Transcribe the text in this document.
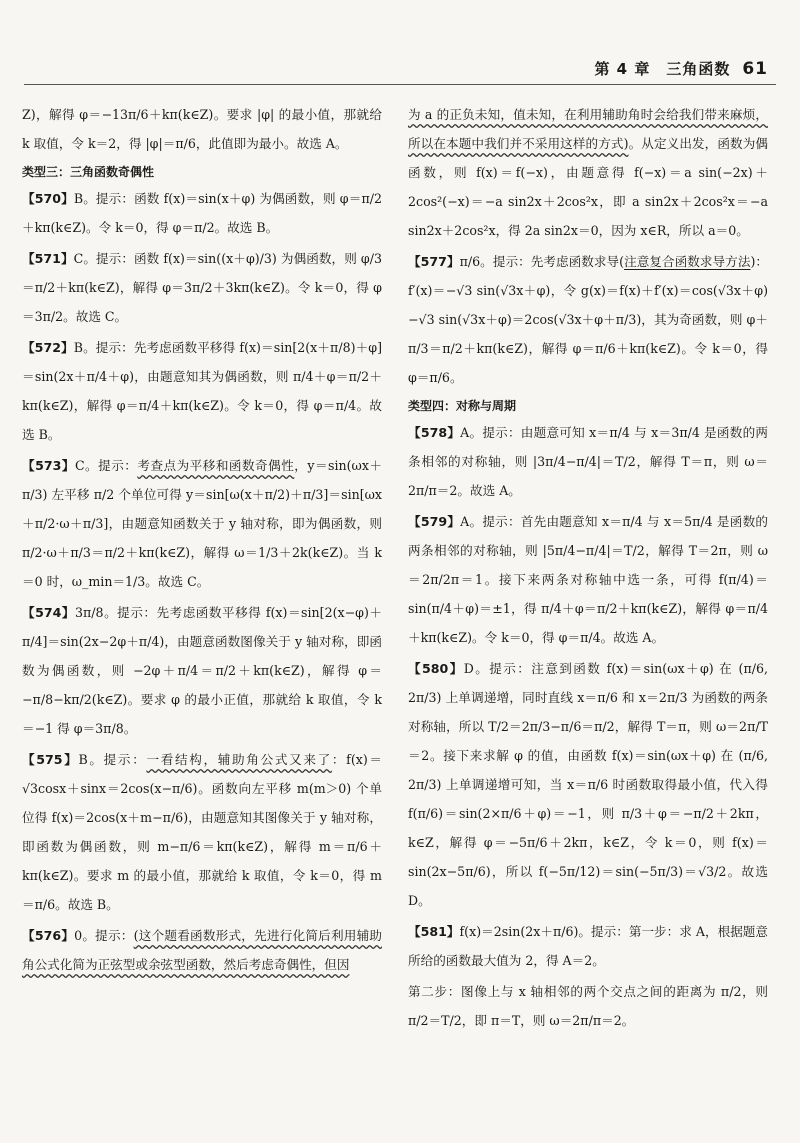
第 4 章　三角函数 61

Z)，解得 φ＝−13π/6＋kπ(k∈Z)。要求 |φ| 的最小值，那就给 k 取值，令 k＝2，得 |φ|＝π/6，此值即为最小。故选 A。

类型三：三角函数奇偶性

【570】B。提示：函数 f(x)＝sin(x＋φ) 为偶函数，则 φ＝π/2＋kπ(k∈Z)。令 k＝0，得 φ＝π/2。故选 B。

【571】C。提示：函数 f(x)＝sin((x＋φ)/3) 为偶函数，则 φ/3＝π/2＋kπ(k∈Z)，解得 φ＝3π/2＋3kπ(k∈Z)。令 k＝0，得 φ＝3π/2。故选 C。

【572】B。提示：先考虑函数平移得 f(x)＝sin[2(x＋π/8)＋φ]＝sin(2x＋π/4＋φ)，由题意知其为偶函数，则 π/4＋φ＝π/2＋kπ(k∈Z)，解得 φ＝π/4＋kπ(k∈Z)。令 k＝0，得 φ＝π/4。故选 B。

【573】C。提示：考查点为平移和函数奇偶性，y＝sin(ωx＋π/3) 左平移 π/2 个单位可得 y＝sin[ω(x＋π/2)＋π/3]＝sin[ωx＋π/2·ω＋π/3]，由题意知函数关于 y 轴对称，即为偶函数，则 π/2·ω＋π/3＝π/2＋kπ(k∈Z)，解得 ω＝1/3＋2k(k∈Z)。当 k＝0 时，ω_min＝1/3。故选 C。

【574】3π/8。提示：先考虑函数平移得 f(x)＝sin[2(x−φ)＋π/4]＝sin(2x−2φ＋π/4)，由题意函数图像关于 y 轴对称，即函数为偶函数，则 −2φ＋π/4＝π/2＋kπ(k∈Z)，解得 φ＝−π/8−kπ/2(k∈Z)。要求 φ 的最小正值，那就给 k 取值，令 k＝−1 得 φ＝3π/8。

【575】B。提示：一看结构，辅助角公式又来了：f(x)＝√3cosx＋sinx＝2cos(x−π/6)。函数向左平移 m(m＞0) 个单位得 f(x)＝2cos(x＋m−π/6)，由题意知其图像关于 y 轴对称，即函数为偶函数，则 m−π/6＝kπ(k∈Z)，解得 m＝π/6＋kπ(k∈Z)。要求 m 的最小值，那就给 k 取值，令 k＝0，得 m＝π/6。故选 B。

【576】0。提示：(这个题看函数形式，先进行化简后利用辅助角公式化简为正弦型或余弦型函数，然后考虑奇偶性，但因

为 a 的正负未知，值未知，在利用辅助角时会给我们带来麻烦，所以在本题中我们并不采用这样的方式)。从定义出发，函数为偶函数，则 f(x)＝f(−x)，由题意得 f(−x)＝a sin(−2x)＋2cos²(−x)＝−a sin2x＋2cos²x，即 a sin2x＋2cos²x＝−a sin2x＋2cos²x，得 2a sin2x＝0，因为 x∈R，所以 a＝0。

【577】π/6。提示：先考虑函数求导(注意复合函数求导方法)：f′(x)＝−√3 sin(√3x＋φ)，令 g(x)＝f(x)＋f′(x)＝cos(√3x＋φ)−√3 sin(√3x＋φ)＝2cos(√3x＋φ＋π/3)，其为奇函数，则 φ＋π/3＝π/2＋kπ(k∈Z)，解得 φ＝π/6＋kπ(k∈Z)。令 k＝0，得 φ＝π/6。

类型四：对称与周期

【578】A。提示：由题意可知 x＝π/4 与 x＝3π/4 是函数的两条相邻的对称轴，则 |3π/4−π/4|＝T/2，解得 T＝π，则 ω＝2π/π＝2。故选 A。

【579】A。提示：首先由题意知 x＝π/4 与 x＝5π/4 是函数的两条相邻的对称轴，则 |5π/4−π/4|＝T/2，解得 T＝2π，则 ω＝2π/2π＝1。接下来两条对称轴中选一条，可得 f(π/4)＝sin(π/4＋φ)＝±1，得 π/4＋φ＝π/2＋kπ(k∈Z)，解得 φ＝π/4＋kπ(k∈Z)。令 k＝0，得 φ＝π/4。故选 A。

【580】D。提示：注意到函数 f(x)＝sin(ωx＋φ) 在 (π/6, 2π/3) 上单调递增，同时直线 x＝π/6 和 x＝2π/3 为函数的两条对称轴，所以 T/2＝2π/3−π/6＝π/2，解得 T＝π，则 ω＝2π/T＝2。接下来求解 φ 的值，由函数 f(x)＝sin(ωx＋φ) 在 (π/6, 2π/3) 上单调递增可知，当 x＝π/6 时函数取得最小值，代入得 f(π/6)＝sin(2×π/6＋φ)＝−1，则 π/3＋φ＝−π/2＋2kπ，k∈Z，解得 φ＝−5π/6＋2kπ，k∈Z，令 k＝0，则 f(x)＝sin(2x−5π/6)，所以 f(−5π/12)＝sin(−5π/3)＝√3/2。故选 D。

【581】f(x)＝2sin(2x＋π/6)。提示：第一步：求 A，根据题意所给的函数最大值为 2，得 A＝2。

第二步：图像上与 x 轴相邻的两个交点之间的距离为 π/2，则 π/2＝T/2，即 π＝T，则 ω＝2π/π＝2。
